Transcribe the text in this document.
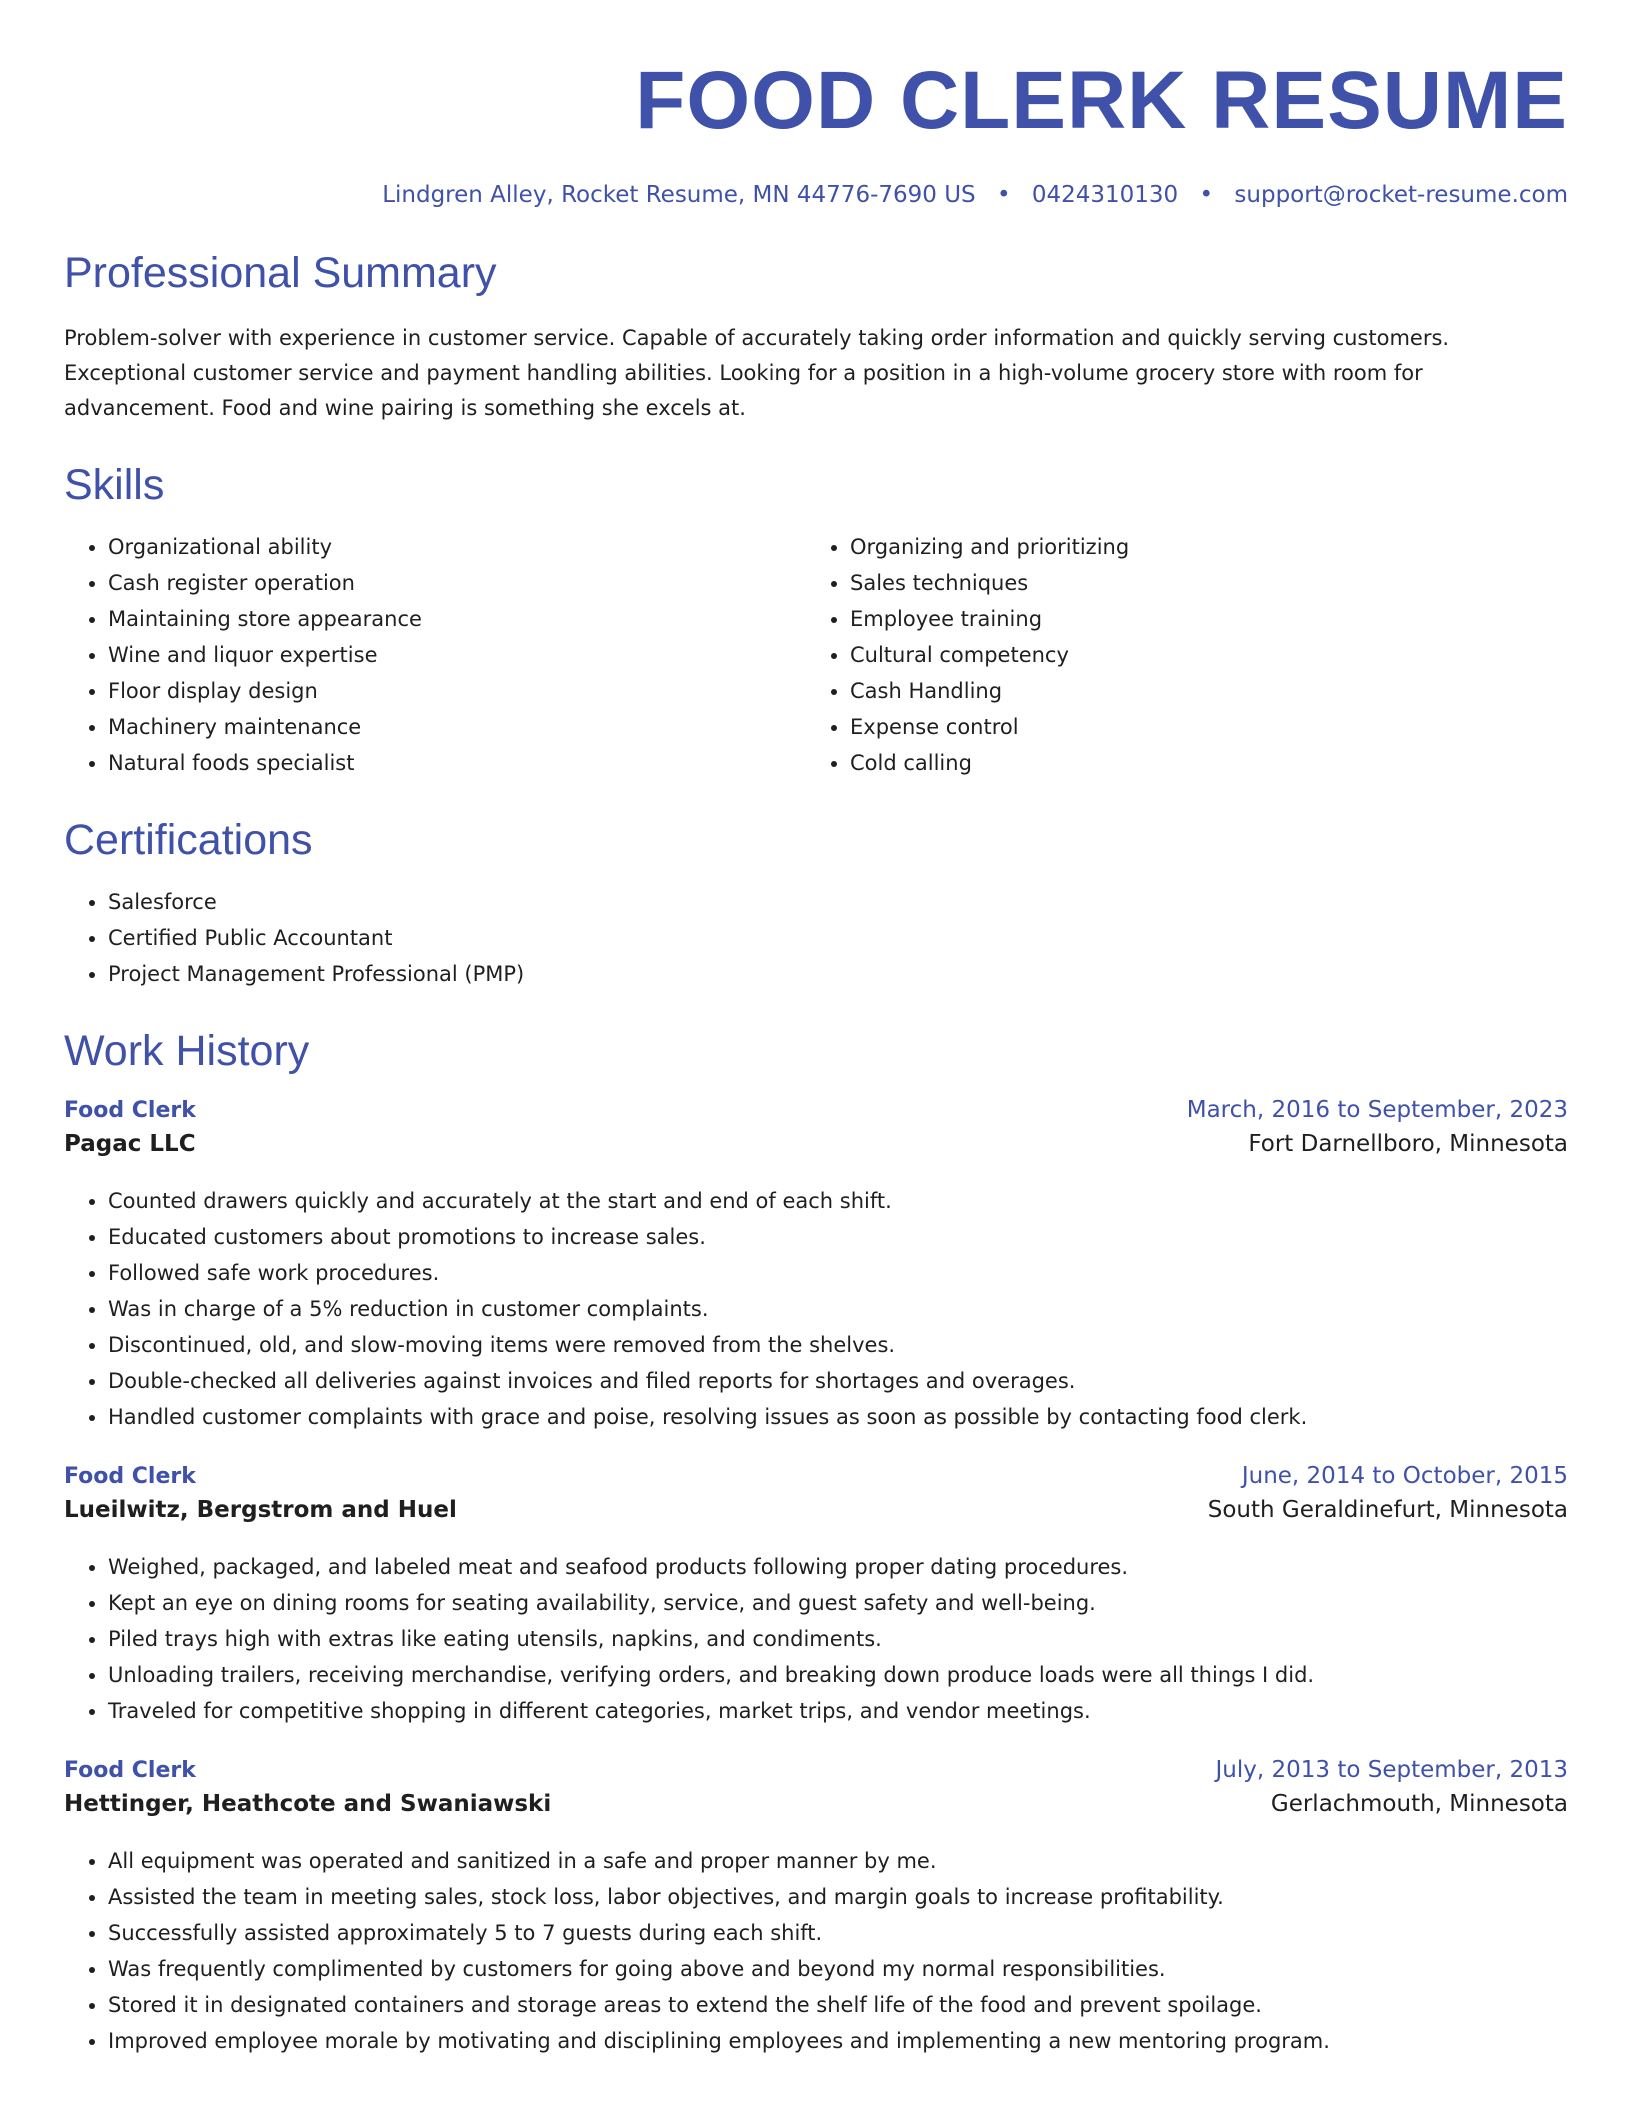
FOOD CLERK RESUME
Lindgren Alley, Rocket Resume, MN 44776-7690 US • 0424310130 • support@rocket-resume.com
Professional Summary

Problem-solver with experience in customer service. Capable of accurately taking order information and quickly serving customers. Exceptional customer service and payment handling abilities. Looking for a position in a high-volume grocery store with room for advancement. Food and wine pairing is something she excels at.

Skills
• Organizational ability
• Cash register operation
• Maintaining store appearance
• Wine and liquor expertise
• Floor display design
• Machinery maintenance
• Natural foods specialist
• Organizing and prioritizing
• Sales techniques
• Employee training
• Cultural competency
• Cash Handling
• Expense control
• Cold calling
Certifications
• Salesforce
• Certified Public Accountant
• Project Management Professional (PMP)
Work History
Food Clerk	March, 2016 to September, 2023
Pagac LLC	Fort Darnellboro, Minnesota
• Counted drawers quickly and accurately at the start and end of each shift.
• Educated customers about promotions to increase sales.
• Followed safe work procedures.
• Was in charge of a 5% reduction in customer complaints.
• Discontinued, old, and slow-moving items were removed from the shelves.
• Double-checked all deliveries against invoices and filed reports for shortages and overages.
• Handled customer complaints with grace and poise, resolving issues as soon as possible by contacting food clerk.
Food Clerk	June, 2014 to October, 2015
Lueilwitz, Bergstrom and Huel	South Geraldinefurt, Minnesota
• Weighed, packaged, and labeled meat and seafood products following proper dating procedures.
• Kept an eye on dining rooms for seating availability, service, and guest safety and well-being.
• Piled trays high with extras like eating utensils, napkins, and condiments.
• Unloading trailers, receiving merchandise, verifying orders, and breaking down produce loads were all things I did.
• Traveled for competitive shopping in different categories, market trips, and vendor meetings.
Food Clerk	July, 2013 to September, 2013
Hettinger, Heathcote and Swaniawski	Gerlachmouth, Minnesota
• All equipment was operated and sanitized in a safe and proper manner by me.
• Assisted the team in meeting sales, stock loss, labor objectives, and margin goals to increase profitability.
• Successfully assisted approximately 5 to 7 guests during each shift.
• Was frequently complimented by customers for going above and beyond my normal responsibilities.
• Stored it in designated containers and storage areas to extend the shelf life of the food and prevent spoilage.
• Improved employee morale by motivating and disciplining employees and implementing a new mentoring program.
